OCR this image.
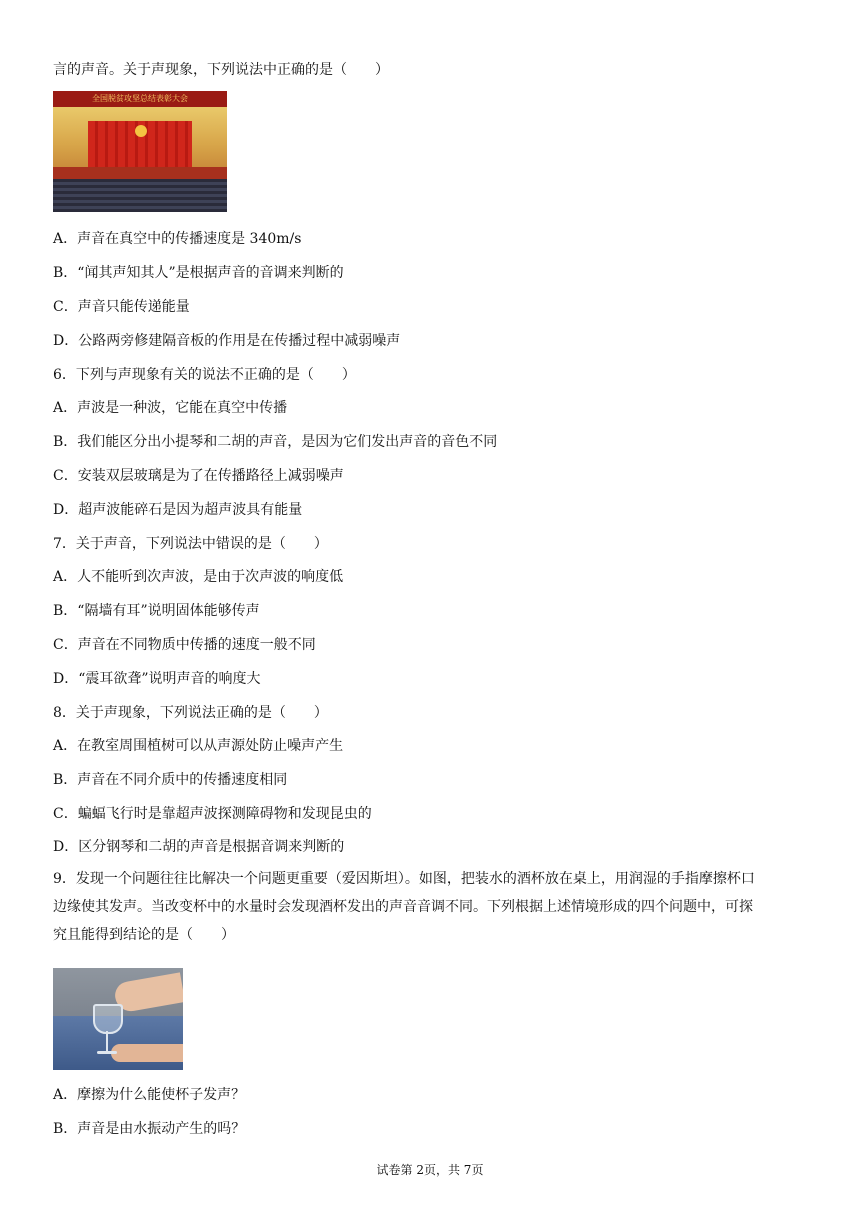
言的声音。关于声现象，下列说法中正确的是（　　）
全国脱贫攻坚总结表彰大会
A．声音在真空中的传播速度是 340m/s
B．“闻其声知其人”是根据声音的音调来判断的
C．声音只能传递能量
D．公路两旁修建隔音板的作用是在传播过程中减弱噪声
6．下列与声现象有关的说法不正确的是（　　）
A．声波是一种波，它能在真空中传播
B．我们能区分出小提琴和二胡的声音，是因为它们发出声音的音色不同
C．安装双层玻璃是为了在传播路径上减弱噪声
D．超声波能碎石是因为超声波具有能量
7．关于声音，下列说法中错误的是（　　）
A．人不能听到次声波，是由于次声波的响度低
B．“隔墙有耳”说明固体能够传声
C．声音在不同物质中传播的速度一般不同
D．“震耳欲聋”说明声音的响度大
8．关于声现象，下列说法正确的是（　　）
A．在教室周围植树可以从声源处防止噪声产生
B．声音在不同介质中的传播速度相同
C．蝙蝠飞行时是靠超声波探测障碍物和发现昆虫的
D．区分钢琴和二胡的声音是根据音调来判断的
9．发现一个问题往往比解决一个问题更重要（爱因斯坦）。如图，把装水的酒杯放在桌上，用润湿的手指摩擦杯口
边缘使其发声。当改变杯中的水量时会发现酒杯发出的声音音调不同。下列根据上述情境形成的四个问题中，可探
究且能得到结论的是（　　）
A．摩擦为什么能使杯子发声？
B．声音是由水振动产生的吗？
试卷第 2页，共 7页
